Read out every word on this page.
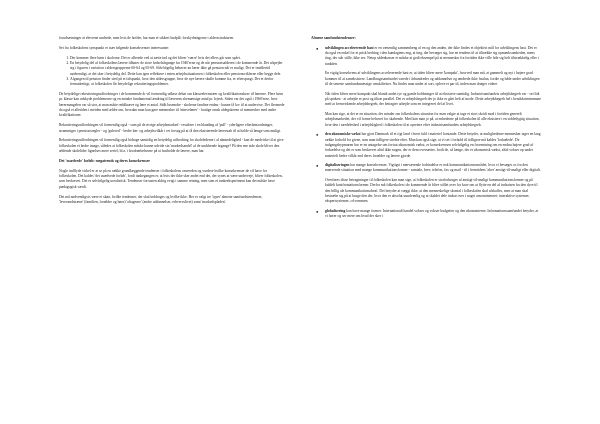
forudsætninger at eleverne undrede, men hvis de hofder, har man et sikkert budpål: forskydningerne i aldersstrukturen.

Set fra folkeskolens synspunkt er især følgende konsekvenser interessante:

1. Der kommer flere børn i skolerne. Det er allerede ved at sætte ind og det bliver 'værre' hvis det ellers går som spået.
2. En betydelig del af folkeskolens lærere tilhører de store fødselsårgange fra 1940'erne og de når pensionsalderen i de kommende år. Det afspejler sig i figuren i variation i aldersgrupperne 60-64 og 65-69. Sålvfolgelig behøver an lærer ikke gå pension når er muligt. Det er imidlertid nødvendigt, at det sker i betydelig del. Dette kan igen reflektere i enten arbejdssituationen i folkeskolen eller pensionsviklerne eller begge dele.
3. Afgangen til pension finder sted på et tidspunkt, hvor den aldersgruppe, hvor de nye lærere skulle komme fra, er efterspurgt. Det er derfor fremadrettigt, at folkeskolen får betydelige rekrutteringsproblemer.

De betydelige rekrutteringsudfordringer i de kommende år vil formentlig udløse debat om klasseelevnstæer og kvalifikationskrav til lærerne. Flere børn pr. klasse kan udskyde problemerne og en mindre fundamental ændring til lærerens skemæssige antal pr. lejesk. Siden var det også i 1960'erne, hvor lærermangelen var så stor, at man måtte reddkræve og lære et antal. Sidh lusemdre - skolerne fandtne endnu - kunne få lov til at undervise. Det fleomede da også et alletiden i meiden med ældre om, hvordan man kan gøre mennesker til 'minvelærer' - huttige omsk aldegskeeen af mennesker med andre kvalifikationer.

Rekrutteringsudfordringen vil formentlig også - som på de øvrige arbejdsmarked - resultere i en blanding af 'pull' - yderligere efterlønsordninger, strammiger i pensionsregler - og 'gulerod' - bedre løn- og arbejdsvilkår i ret forsøg på at få den eksisterende lærerstab til at holde så længe som muligt.

Rekrutteringsudfordringen vil formentlig også bidrage samtidig en betydelig udfordring for skolelederne i al almindelighed - kan de medvirke til at give folkeskolen et bedre image, således at folkeskolen måske kunne udvide sin 'markedsandel' af de unddrende årgange? På den ene side skole bliver den ældende skolelider lignelses mere seriel, bl.a. i brodrærbelserne på at fastholde de lærere, man har.

Det 'usædvede' forløb: megatrends og deres konsekvenser

Nogle indflyde virkel er at se på en række grundlæggende tendenser i folkeskolens omverden og vurdere hvilke konsekvenser de vil have for folkeskolen. Det kaldes 'det usædvede forløb', fordi tankegangen er, at hvis der ikke sker andet end det, der synes at være underveje, bliver folkeskolen, som beskrevet. Det er selvfølgelig urealistisk. Tendenser forrusten aldrig evigt i samme retning, men som et tankeeksperiment kan det måske have pædagogisk værdi.

Det må nødvendigvis være et skøn, hvilke tendenser, der skal inddrages og hvilke ikke. Her er valgt tre 'typer' almene samfundstendenser, 'levevandstræne' (familien, forældre og børn) 'aftagerne' (andre uddannelser, erhvervslivet) samt 'markedspladen'.

Almene samfundstendenser:

● udviklingen accelererende hast er en væsentlig sammenheng af en og den anden, der ikke findes et objektivt mål for udviklingens hast. Det er da også en enkel for et prisk bedring i den kundagtens eng, at ting, der bevæger sig, har en tendens til at tiltrække sig opmærksomheden, mens ting, der står stille, ikke ses. Netop sådenhasser et måske at godt eksempel på at mennesker fra fortiden ikke ville føle sig helt tilstrækkelig eller i tunkden.

En vigtig konsekvens af udviklingens accelererende hast er, at tiden bliver mere 'kompakt', hvorved man må, at gammelt og nyt i højere grad kommer til at sameksistere. Landbrugssamfundet varede i århundreder og uddannelser og ændrede ikke fastlan, fordie og både under udviklingen til de seneste samfundsmæssige omskifteiser. Nu findes man under at sort, opleve et par til, inden man dræger videre.

Når tiden bliver mere kompakt skal blandt andet tye og gamle hobbninger til at eksistere samtidig. Industrisamfundets arbejdsbegreb var - set lidt på spidsen - at arbejde er post og tiltræ parallel. Det er arbejdsbegreb der jo ikke er gået helt af mode. Dette arbejdsbegreb hel i kendskrimimmune med at fremvirkende arbejdsbegreb, der betragter arbejde som en integreret del af livet.

Man kan sige, at det er en situation, der minder om folkeskolens situation for man valgte at tage et stort skridt mod i fortiden generelt arbejdsmarkedet, der vil forme behovet for skabende. Med kan man jo på, at enhederne på folkeskolen til alle eksistere i en siddedygtig situation, hvor den i særdeleshed i arbejdslighed i folkeskolen til at opretere efter industrisamfundets arbejdsbegreb.

● den økonomiske vækst har gjort Danmark til et rigt land i hvert fald i materiel forstande. Dette betyder, at mulighederne mennesker tager en lang række forhold for givne, som man tidligere strebte efter. Man kan også sige, at vi set i forhold til tidligere må kaldes 'forkælede'. De indgangsbypmuren har er en antagelse om fortsat økonomisk vækst, er konsekvensen selvfølgelig en forventning om en endnu højere grad af forkælelse og det er som beskrevet altid ikke nogen, der er dem oversætter, fordi de, så længe, der er økonomisk vækst, altid vokser op under materielt bedre vilkår end deres forældre og lærere gjorde.
● digitaliseringen har mange konsekvenser. Vigtigst i nærværende forbindelse er nok kommunikationsområdet, hvor vi bevæger os fra den mærvende situation med mange kommunikationsformer - samtale, brev, telefon, fax og mail - til i fremtidens 'alrer' anstigt-til-analigt eller digitalt.

Overføres disse betragtninger til folkeskolen kan man sige, at folkeskolen er storforbruger af anstigt-til-analigt kommunikationsformer og på kaldelt kontfrontationsformer. Derfor må folkeskolen i de kommende år blive stillet over for krav om at flytte en del af indsatsen fra den dyre til den billig ale kommunikationsdreaf. Det betyder at væggi ikke, at den menneskelige skontal i folkeskolen skal afskaffes, men at man skal bestræbe sig på at bruge den der, hvor den er absolut uundværlig og at skaldet dele indsat over i noget ansominternet: interaktive systemer, ekspertsystemer, cd-rommen.

● globalisering kan have mange former. Internationalt handel vokser og vokser budgetter og den økonomierne. Informationssamfundet betyder, at vi hører og ser mere om hvad der sker i
